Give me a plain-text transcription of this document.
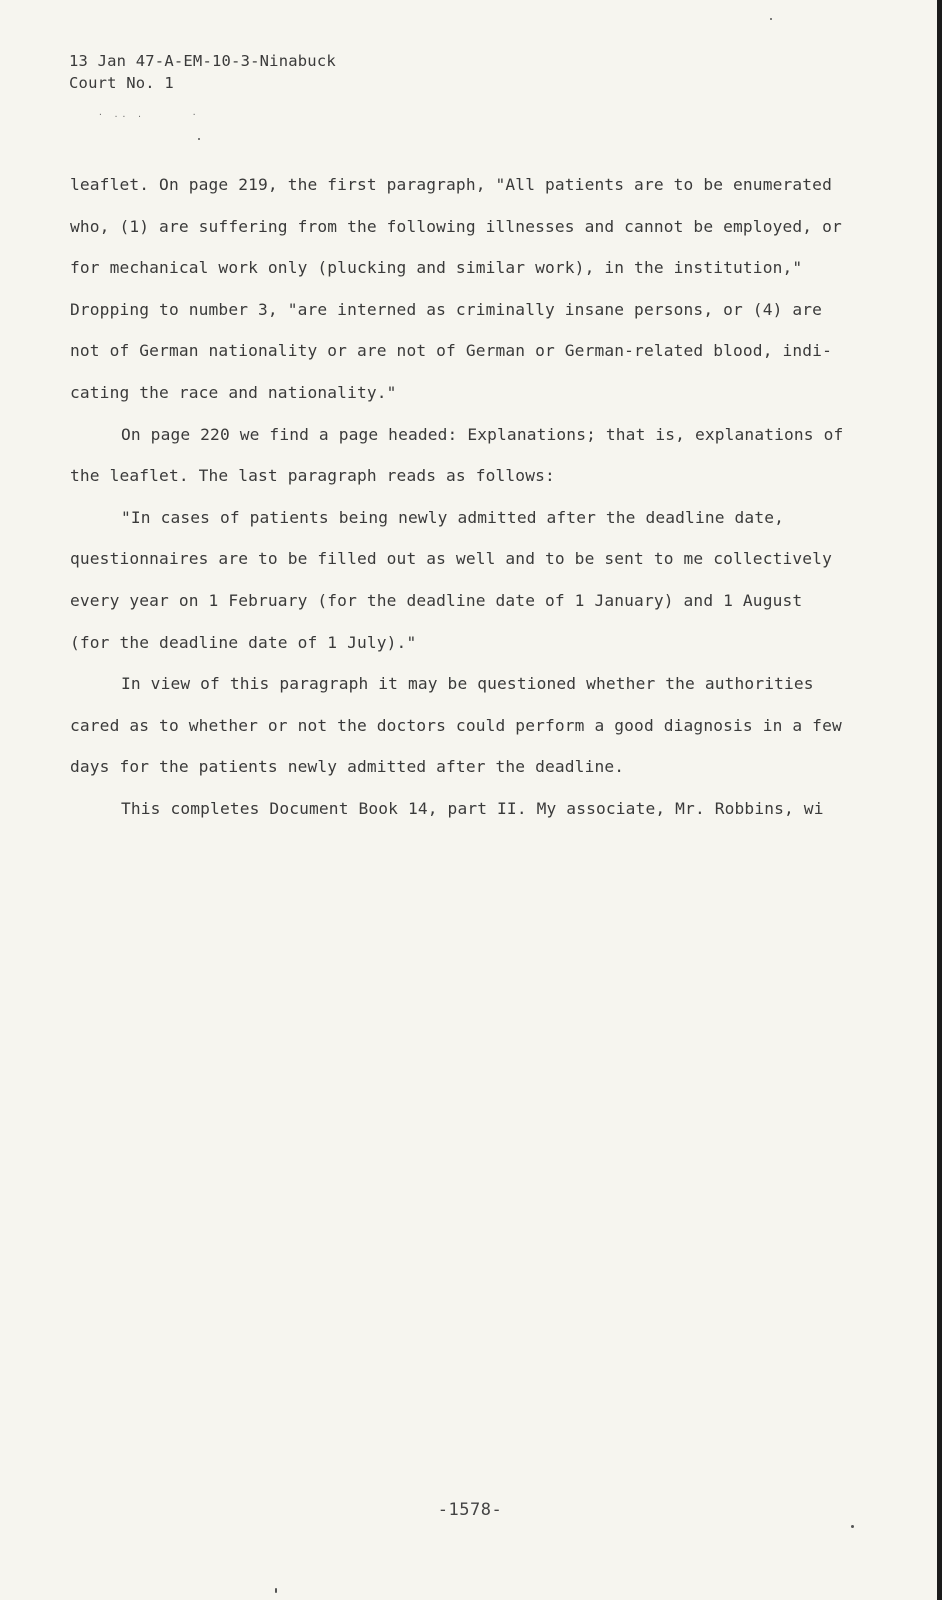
13 Jan 47-A-EM-10-3-Ninabuck
Court No. 1
· .. .      ·
leaflet. On page 219, the first paragraph, "All patients are to be enumerated
who, (1) are suffering from the following illnesses and cannot be employed, or
for mechanical work only (plucking and similar work), in the institution,"
Dropping to number 3, "are interned as criminally insane persons, or (4) are
not of German nationality or are not of German or German-related blood, indi-
cating the race and nationality."
On page 220 we find a page headed: Explanations; that is, explanations of
the leaflet. The last paragraph reads as follows:
"In cases of patients being newly admitted after the deadline date,
questionnaires are to be filled out as well and to be sent to me collectively
every year on 1 February (for the deadline date of 1 January) and 1 August
(for the deadline date of 1 July)."
In view of this paragraph it may be questioned whether the authorities
cared as to whether or not the doctors could perform a good diagnosis in a few
days for the patients newly admitted after the deadline.
This completes Document Book 14, part II. My associate, Mr. Robbins, wi
-1578-
